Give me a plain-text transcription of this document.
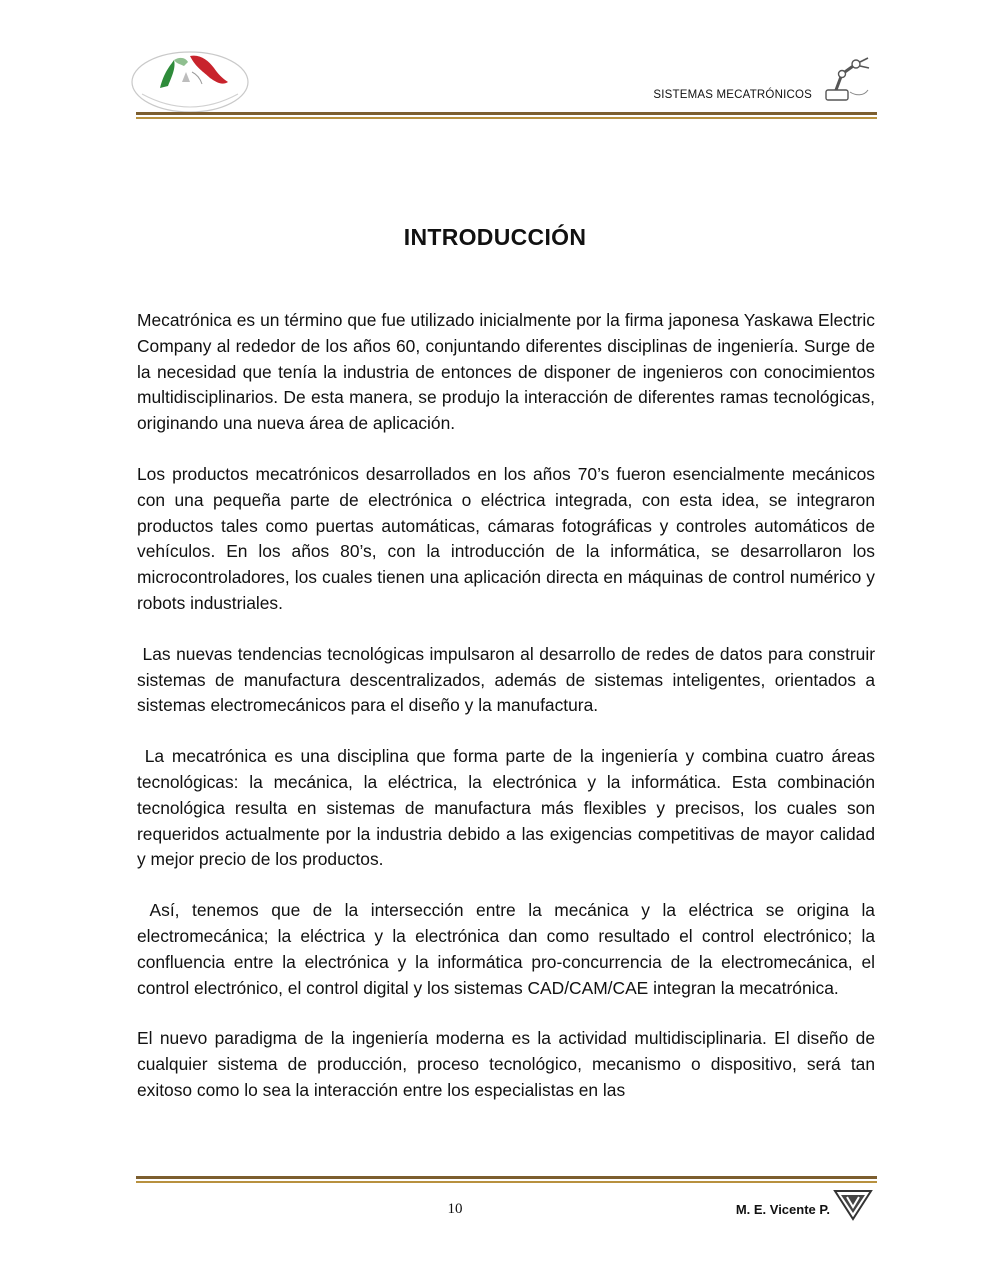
SISTEMAS MECATRÓNICOS
INTRODUCCIÓN

Mecatrónica es un término que fue utilizado inicialmente por la firma japonesa Yaskawa Electric Company al rededor de los años 60, conjuntando diferentes disciplinas de ingeniería. Surge de la necesidad que tenía la industria de entonces de disponer de ingenieros con conocimientos multidisciplinarios. De esta manera, se produjo la interacción de diferentes ramas tecnológicas, originando una nueva área de aplicación.

Los productos mecatrónicos desarrollados en los años 70’s fueron esencialmente mecánicos con una pequeña parte de electrónica o eléctrica integrada, con esta idea, se integraron productos tales como puertas automáticas, cámaras fotográficas y controles automáticos de vehículos. En los años 80’s, con la introducción de la informática, se desarrollaron los microcontroladores, los cuales tienen una aplicación directa en máquinas de control numérico y robots industriales.

Las nuevas tendencias tecnológicas impulsaron al desarrollo de redes de datos para construir sistemas de manufactura descentralizados, además de sistemas inteligentes, orientados a sistemas electromecánicos para el diseño y la manufactura.

La mecatrónica es una disciplina que forma parte de la ingeniería y combina cuatro áreas tecnológicas: la mecánica, la eléctrica, la electrónica y la informática. Esta combinación tecnológica resulta en sistemas de manufactura más flexibles y precisos, los cuales son requeridos actualmente por la industria debido a las exigencias competitivas de mayor calidad y mejor precio de los productos.

Así, tenemos que de la intersección entre la mecánica y la eléctrica se origina la electromecánica; la eléctrica y la electrónica dan como resultado el control electrónico; la confluencia entre la electrónica y la informática pro-concurrencia de la electromecánica, el control electrónico, el control digital y los sistemas CAD/CAM/CAE integran la mecatrónica.

El nuevo paradigma de la ingeniería moderna es la actividad multidisciplinaria. El diseño de cualquier sistema de producción, proceso tecnológico, mecanismo o dispositivo, será tan exitoso como lo sea la interacción entre los especialistas en las

10	M. E. Vicente P.
